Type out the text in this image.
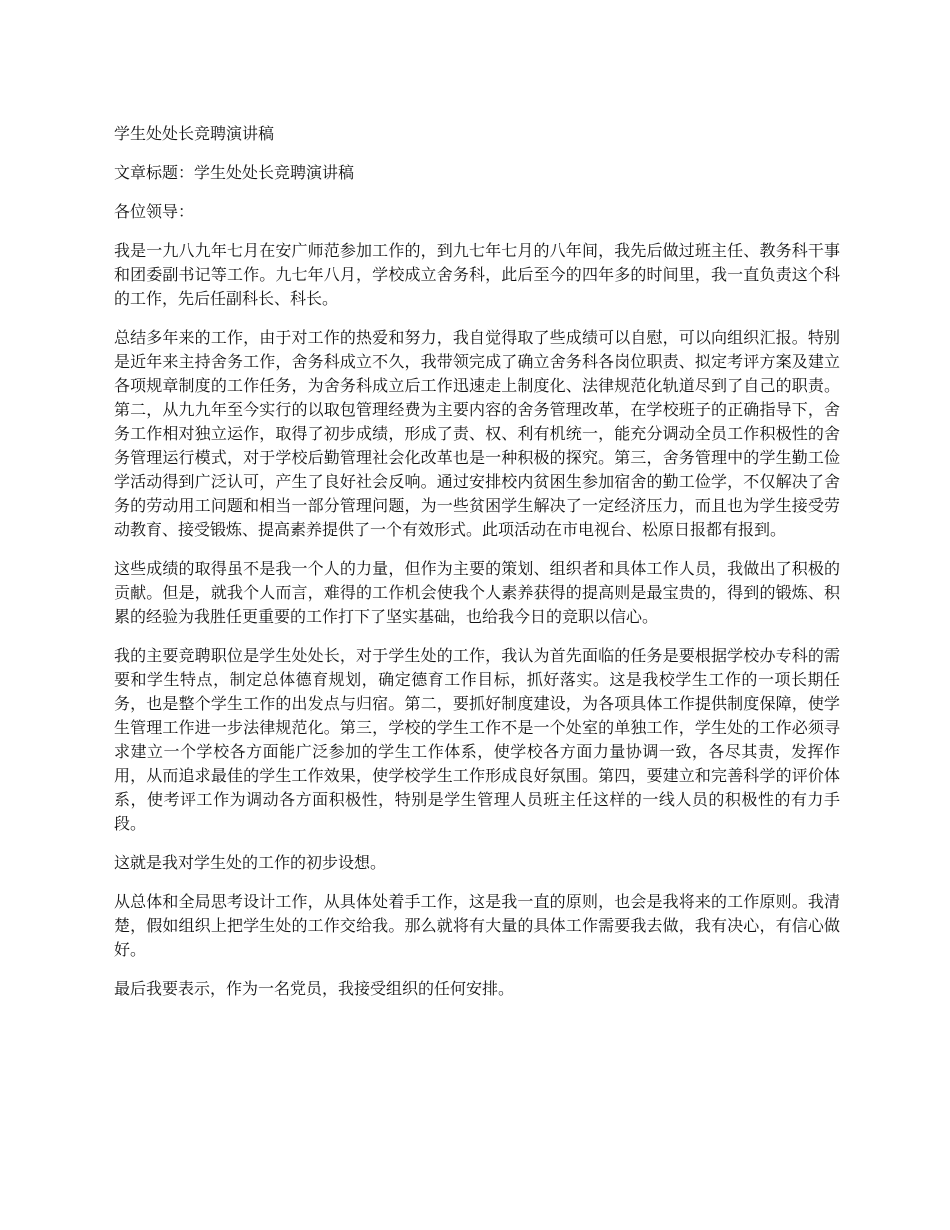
学生处处长竞聘演讲稿

文章标题：学生处处长竞聘演讲稿

各位领导：

我是一九八九年七月在安广师范参加工作的，到九七年七月的八年间，我先后做过班主任、教务科干事和团委副书记等工作。九七年八月，学校成立舍务科，此后至今的四年多的时间里，我一直负责这个科的工作，先后任副科长、科长。

总结多年来的工作，由于对工作的热爱和努力，我自觉得取了些成绩可以自慰，可以向组织汇报。特别是近年来主持舍务工作，舍务科成立不久，我带领完成了确立舍务科各岗位职责、拟定考评方案及建立各项规章制度的工作任务，为舍务科成立后工作迅速走上制度化、法律规范化轨道尽到了自己的职责。第二，从九九年至今实行的以取包管理经费为主要内容的舍务管理改革，在学校班子的正确指导下，舍务工作相对独立运作，取得了初步成绩，形成了责、权、利有机统一，能充分调动全员工作积极性的舍务管理运行模式，对于学校后勤管理社会化改革也是一种积极的探究。第三，舍务管理中的学生勤工俭学活动得到广泛认可，产生了良好社会反响。通过安排校内贫困生参加宿舍的勤工俭学，不仅解决了舍务的劳动用工问题和相当一部分管理问题，为一些贫困学生解决了一定经济压力，而且也为学生接受劳动教育、接受锻炼、提高素养提供了一个有效形式。此项活动在市电视台、松原日报都有报到。

这些成绩的取得虽不是我一个人的力量，但作为主要的策划、组织者和具体工作人员，我做出了积极的贡献。但是，就我个人而言，难得的工作机会使我个人素养获得的提高则是最宝贵的，得到的锻炼、积累的经验为我胜任更重要的工作打下了坚实基础，也给我今日的竞职以信心。

我的主要竞聘职位是学生处处长，对于学生处的工作，我认为首先面临的任务是要根据学校办专科的需要和学生特点，制定总体德育规划，确定德育工作目标，抓好落实。这是我校学生工作的一项长期任务，也是整个学生工作的出发点与归宿。第二，要抓好制度建设，为各项具体工作提供制度保障，使学生管理工作进一步法律规范化。第三，学校的学生工作不是一个处室的单独工作，学生处的工作必须寻求建立一个学校各方面能广泛参加的学生工作体系，使学校各方面力量协调一致，各尽其责，发挥作用，从而追求最佳的学生工作效果，使学校学生工作形成良好氛围。第四，要建立和完善科学的评价体系，使考评工作为调动各方面积极性，特别是学生管理人员班主任这样的一线人员的积极性的有力手段。

这就是我对学生处的工作的初步设想。

从总体和全局思考设计工作，从具体处着手工作，这是我一直的原则，也会是我将来的工作原则。我清楚，假如组织上把学生处的工作交给我。那么就将有大量的具体工作需要我去做，我有决心，有信心做好。

最后我要表示，作为一名党员，我接受组织的任何安排。
